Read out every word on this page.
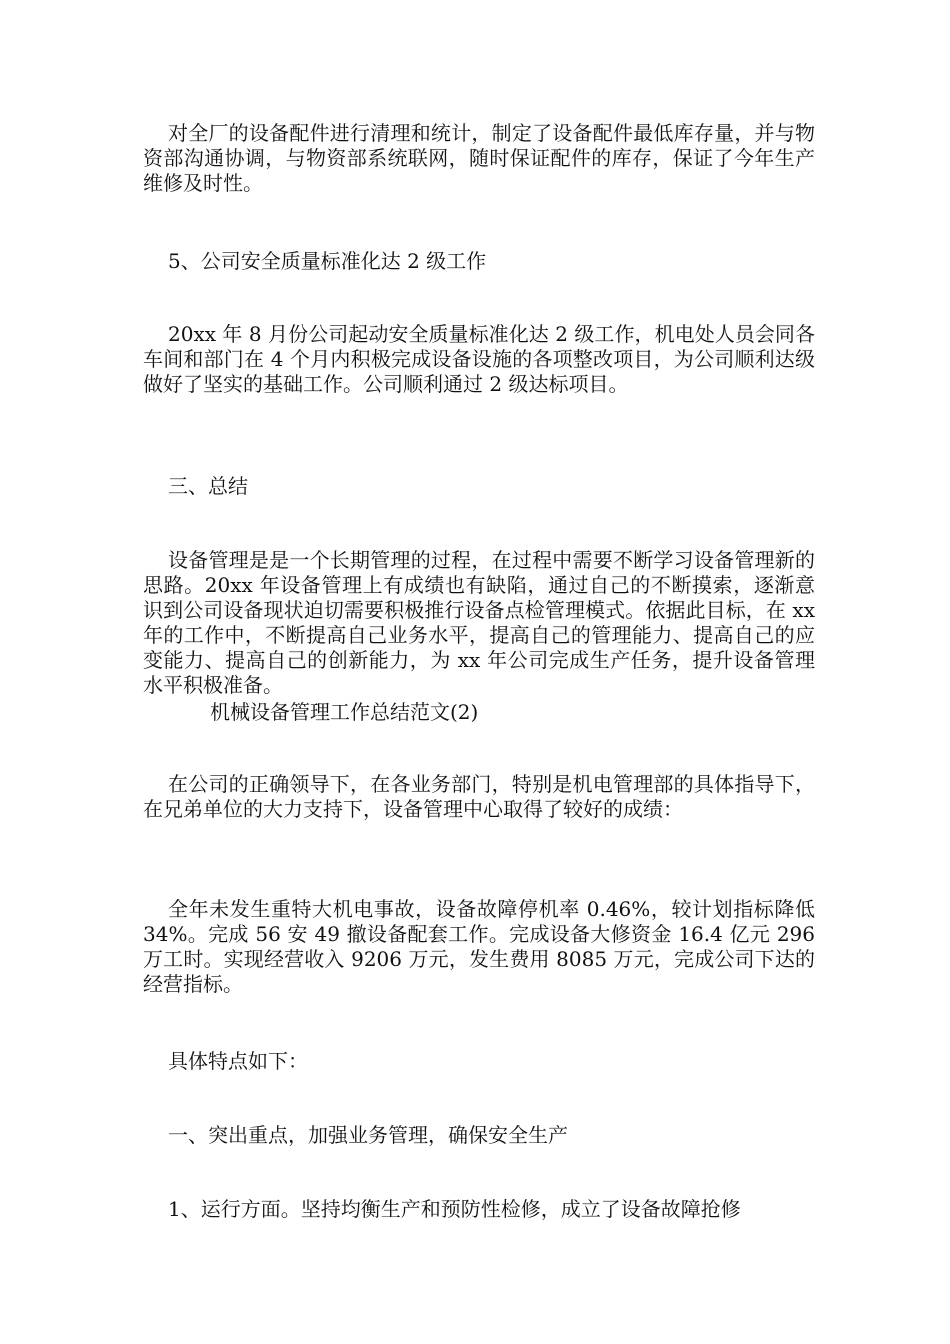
对全厂的设备配件进行清理和统计，制定了设备配件最低库存量，并与物资部沟通协调，与物资部系统联网，随时保证配件的库存，保证了今年生产维修及时性。

5、公司安全质量标准化达 2 级工作

20xx 年 8 月份公司起动安全质量标准化达 2 级工作，机电处人员会同各车间和部门在 4 个月内积极完成设备设施的各项整改项目，为公司顺利达级做好了坚实的基础工作。公司顺利通过 2 级达标项目。

三、总结

设备管理是是一个长期管理的过程，在过程中需要不断学习设备管理新的思路。20xx 年设备管理上有成绩也有缺陷，通过自己的不断摸索，逐渐意识到公司设备现状迫切需要积极推行设备点检管理模式。依据此目标，在 xx 年的工作中，不断提高自己业务水平，提高自己的管理能力、提高自己的应变能力、提高自己的创新能力，为 xx 年公司完成生产任务，提升设备管理水平积极准备。

机械设备管理工作总结范文(2)

在公司的正确领导下，在各业务部门，特别是机电管理部的具体指导下，在兄弟单位的大力支持下，设备管理中心取得了较好的成绩：

全年未发生重特大机电事故，设备故障停机率 0.46%，较计划指标降低 34%。完成 56 安 49 撤设备配套工作。完成设备大修资金 16.4 亿元 296 万工时。实现经营收入 9206 万元，发生费用 8085 万元，完成公司下达的经营指标。

具体特点如下：

一、突出重点，加强业务管理，确保安全生产

1、运行方面。坚持均衡生产和预防性检修，成立了设备故障抢修
